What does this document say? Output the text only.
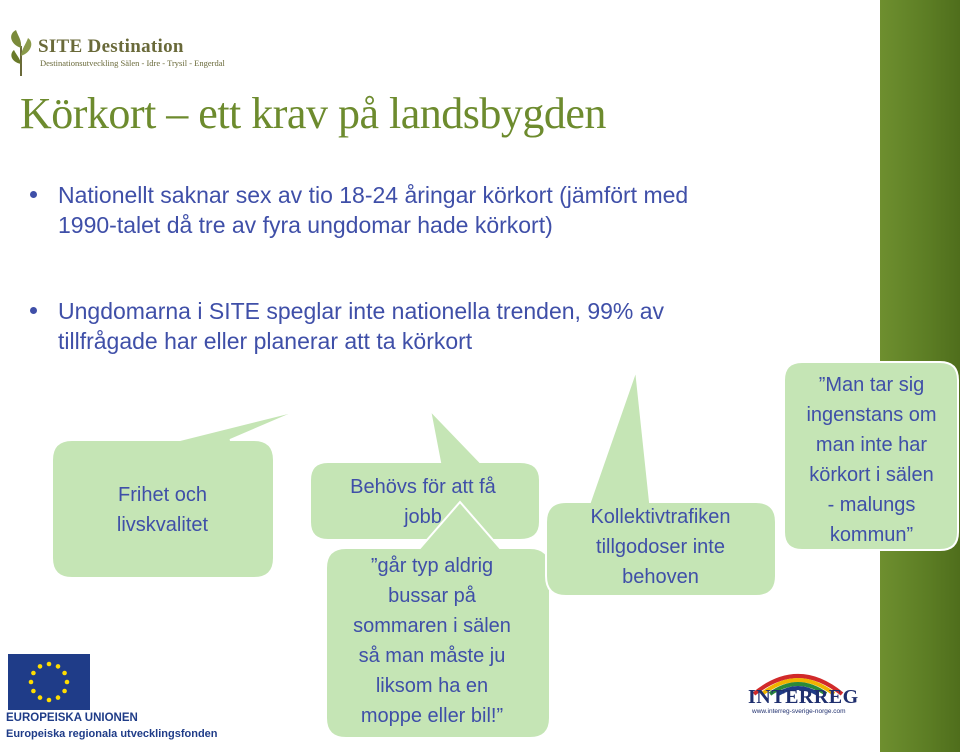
SITE Destination
Destinationsutveckling Sälen - Idre - Trysil - Engerdal
Körkort – ett krav på landsbygden
Nationellt saknar sex av tio 18-24 åringar körkort (jämfört med
1990-talet då tre av fyra ungdomar hade körkort)
Ungdomarna i SITE speglar inte nationella trenden, 99% av
tillfrågade har eller planerar att ta körkort
Frihet och
livskvalitet
Behövs för att få
jobb
”går typ aldrig
bussar på
sommaren i sälen
så man måste ju
liksom ha en
moppe eller bil!”
Kollektivtrafiken
tillgodoser inte
behoven
”Man tar sig
ingenstans om
man inte har
körkort i sälen
- malungs
kommun”
EUROPEISKA UNIONEN
Europeiska regionala utvecklingsfonden
INTERREG
www.interreg-sverige-norge.com
